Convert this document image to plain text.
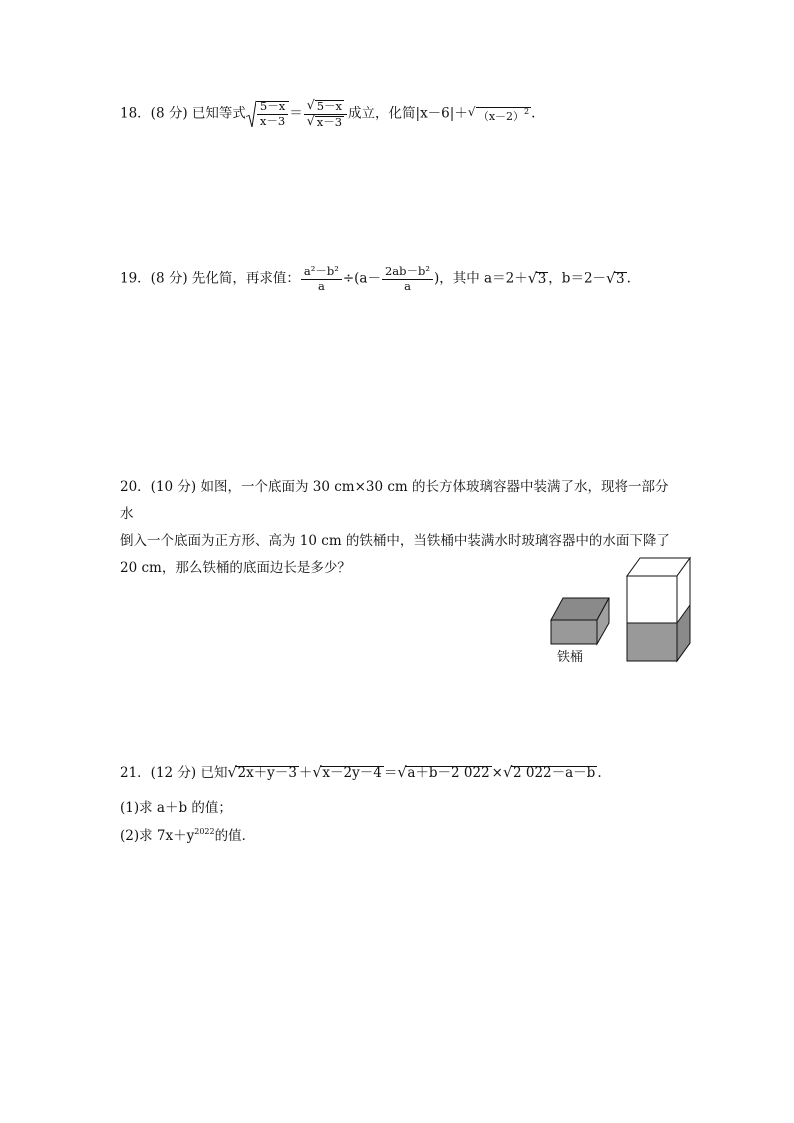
18．(8 分) 已知等式 $\frac{5-x}{x-3} = \frac{√ 5-x}{√ x-3}$ 成立，化简|x－6|＋ √ $(x-2)^2$ .
19．(8 分) 先化简，再求值： $\frac{\text{a²－b²}}{a} \div(a- \frac{\text{2ab－b²}}{a}$ )，其中 a＝2＋ √ 3 ，b＝2－ √ 3 .
20．(10 分) 如图，一个底面为 30 cm×30 cm 的长方体玻璃容器中装满了水，现将一部分水
倒入一个底面为正方形、高为 10 cm 的铁桶中，当铁桶中装满水时玻璃容器中的水面下降了
20 cm，那么铁桶的底面边长是多少？
铁桶
21．(12 分) 已知 √ 2x＋y－3 ＋ √ x－2y－4 ＝ √ a＋b－2 022 × √ 2 022－a－b .
(1)求 a＋b 的值；
(2)求 $7x+y^{2022}$的值．
